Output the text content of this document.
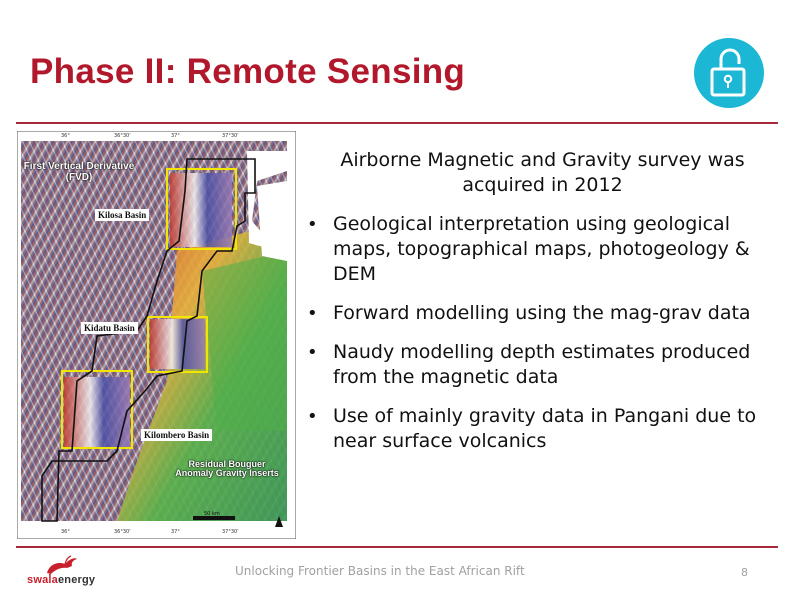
Phase II: Remote Sensing
First Vertical Derivative (FVD)
Kilosa Basin
Kidatu Basin
Kilombero Basin
Residual Bouguer Anomaly Gravity Inserts
50 km
36°	36°30'	37°	37°30'
36°	36°30'	37°	37°30'

Airborne Magnetic and Gravity survey was acquired in 2012

• Geological interpretation using geological maps, topographical maps, photogeology & DEM
• Forward modelling using the mag-grav data
• Naudy modelling depth estimates produced from the magnetic data
• Use of mainly gravity data in Pangani due to near surface volcanics
swalaenergy
Unlocking Frontier Basins in the East African Rift	8
